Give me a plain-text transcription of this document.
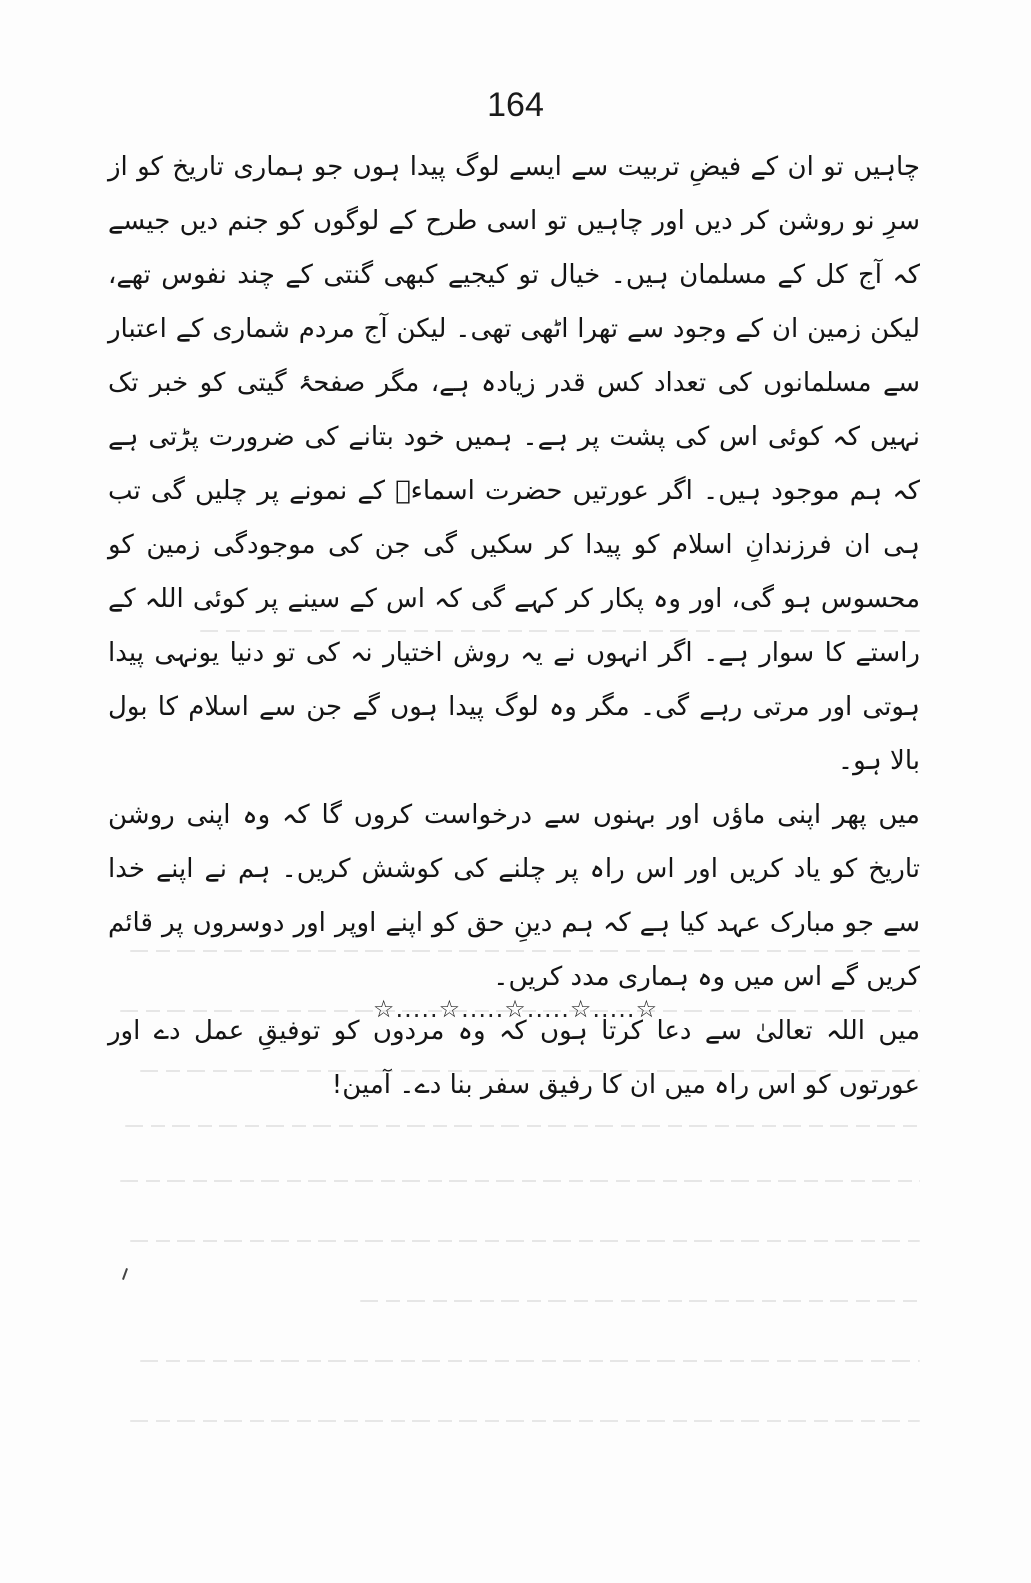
164

چاہیں تو ان کے فیضِ تربیت سے ایسے لوگ پیدا ہوں جو ہماری تاریخ کو از سرِ نو روشن کر دیں اور چاہیں تو اسی طرح کے لوگوں کو جنم دیں جیسے کہ آج کل کے مسلمان ہیں۔ خیال تو کیجیے کبھی گنتی کے چند نفوس تھے، لیکن زمین ان کے وجود سے تھرا اٹھی تھی۔ لیکن آج مردم شماری کے اعتبار سے مسلمانوں کی تعداد کس قدر زیادہ ہے، مگر صفحۂ گیتی کو خبر تک نہیں کہ کوئی اس کی پشت پر ہے۔ ہمیں خود بتانے کی ضرورت پڑتی ہے کہ ہم موجود ہیں۔ اگر عورتیں حضرت اسماءؓ کے نمونے پر چلیں گی تب ہی ان فرزندانِ اسلام کو پیدا کر سکیں گی جن کی موجودگی زمین کو محسوس ہو گی، اور وہ پکار کر کہے گی کہ اس کے سینے پر کوئی اللہ کے راستے کا سوار ہے۔ اگر انہوں نے یہ روش اختیار نہ کی تو دنیا یونہی پیدا ہوتی اور مرتی رہے گی۔ مگر وہ لوگ پیدا ہوں گے جن سے اسلام کا بول بالا ہو۔

میں پھر اپنی ماؤں اور بہنوں سے درخواست کروں گا کہ وہ اپنی روشن تاریخ کو یاد کریں اور اس راہ پر چلنے کی کوشش کریں۔ ہم نے اپنے خدا سے جو مبارک عہد کیا ہے کہ ہم دینِ حق کو اپنے اوپر اور دوسروں پر قائم کریں گے اس میں وہ ہماری مدد کریں۔

میں اللہ تعالیٰ سے دعا کرتا ہوں کہ وہ مردوں کو توفیقِ عمل دے اور عورتوں کو اس راہ میں ان کا رفیق سفر بنا دے۔ آمین!

☆.....☆.....☆.....☆.....☆
